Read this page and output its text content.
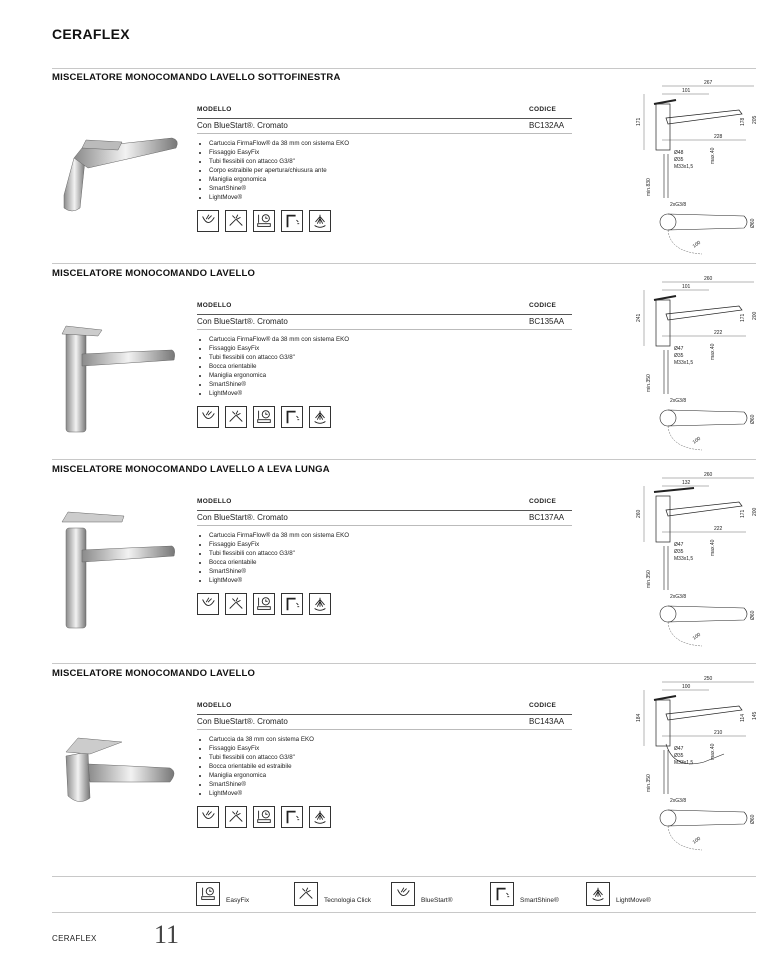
CERAFLEX
MISCELATORE MONOCOMANDO LAVELLO SOTTOFINESTRA
MODELLO	CODICE
Con BlueStart®. Cromato	BC132AA
• Cartuccia FirmaFlow® da 38 mm con sistema EKO
• Fissaggio EasyFix
• Tubi flessibili con attacco G3/8"
• Corpo estraibile per apertura/chiusura ante
• Maniglia ergonomica
• SmartShine®
• LightMove®
267
101
228
171	178 205
Ø48
Ø35
M33x1,5
max.40
min.830
2xG3/8
100
Ø60
MISCELATORE MONOCOMANDO LAVELLO
MODELLO	CODICE
Con BlueStart®. Cromato	BC135AA
• Cartuccia FirmaFlow® da 38 mm con sistema EKO
• Fissaggio EasyFix
• Tubi flessibili con attacco G3/8"
• Bocca orientabile
• Maniglia ergonomica
• SmartShine®
• LightMove®
260
101
222
241	171 200
Ø47
Ø35
M33x1,5
max.40
min.350
2xG3/8
100
Ø60
MISCELATORE MONOCOMANDO LAVELLO A LEVA LUNGA
MODELLO	CODICE
Con BlueStart®. Cromato	BC137AA
• Cartuccia FirmaFlow® da 38 mm con sistema EKO
• Fissaggio EasyFix
• Tubi flessibili con attacco G3/8"
• Bocca orientabile
• SmartShine®
• LightMove®
260
132
222
260	171 200
Ø47
Ø35
M33x1,5
max.40
min.350
2xG3/8
100
Ø60
MISCELATORE MONOCOMANDO LAVELLO
MODELLO	CODICE
Con BlueStart®. Cromato	BC143AA
• Cartuccia da 38 mm con sistema EKO
• Fissaggio EasyFix
• Tubi flessibili con attacco G3/8"
• Bocca orientabile ed estraibile
• Maniglia ergonomica
• SmartShine®
• LightMove®
250
100
210
184	114 145
Ø47
Ø35
M33x1,5
max.40
min.350
2xG3/8
100
Ø60
EasyFix	Tecnologia Click	BlueStart®	SmartShine®	LightMove®
CERAFLEX 11
